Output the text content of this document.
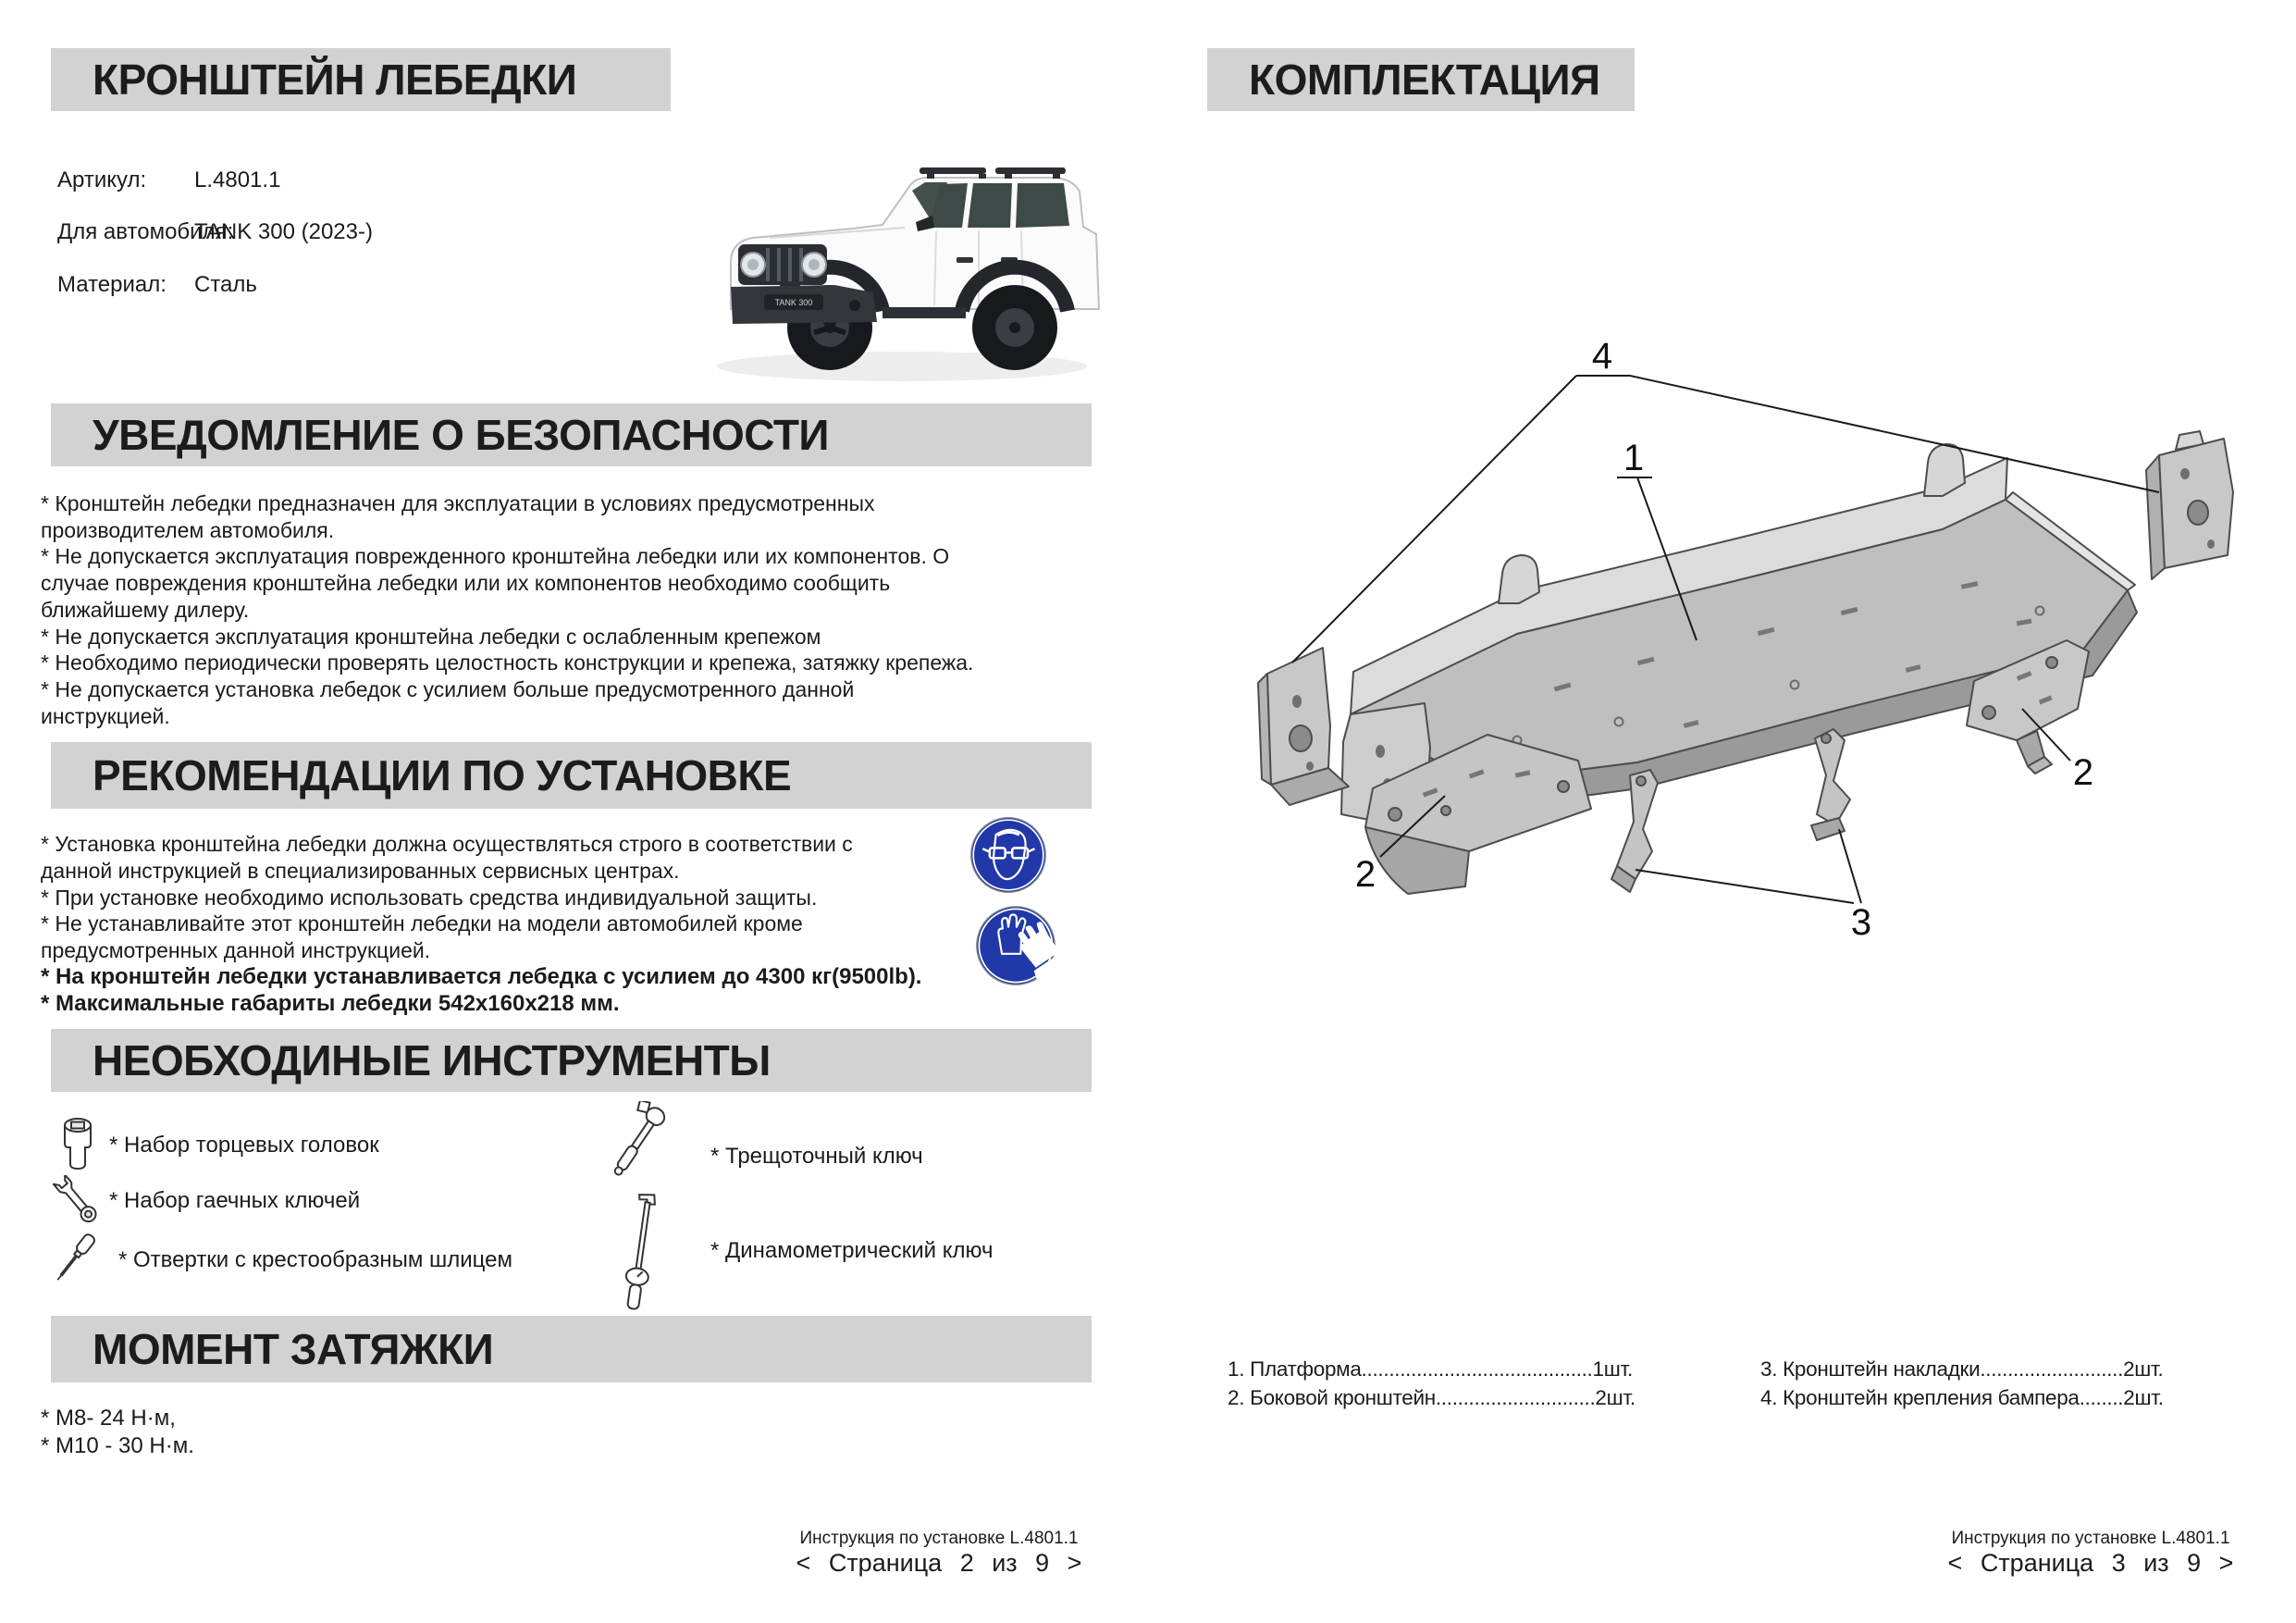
КРОНШТЕЙН ЛЕБЕДКИ
Артикул: L.4801.1
Для автомобиля:
TANK 300 (2023-)
Материал: Сталь
TANK 300
УВЕДОМЛЕНИЕ О БЕЗОПАСНОСТИ
* Кронштейн лебедки предназначен для эксплуатации в условиях предусмотренных
производителем автомобиля.
* Не допускается эксплуатация поврежденного кронштейна лебедки или их компонентов. О
случае повреждения кронштейна лебедки или их компонентов необходимо сообщить
ближайшему дилеру.
* Не допускается эксплуатация кронштейна лебедки с ослабленным крепежом
* Необходимо периодически проверять целостность конструкции и крепежа, затяжку крепежа.
* Не допускается установка лебедок с усилием больше предусмотренного данной
инструкцией.
РЕКОМЕНДАЦИИ ПО УСТАНОВКЕ
* Установка кронштейна лебедки должна осуществляться строго в соответствии с
данной инструкцией в специализированных сервисных центрах.
* При установке необходимо использовать средства индивидуальной защиты.
* Не устанавливайте этот кронштейн лебедки на модели автомобилей кроме
предусмотренных данной инструкцией.
* На кронштейн лебедки устанавливается лебедка с усилием до 4300 кг(9500lb).
* Максимальные габариты лебедки 542x160x218 мм.
НЕОБХОДИНЫЕ ИНСТРУМЕНТЫ
* Набор торцевых головок
* Набор гаечных ключей
* Отвертки с крестообразным шлицем
* Трещоточный ключ
* Динамометрический ключ
МОМЕНТ ЗАТЯЖКИ
* M8- 24 Н·м,
* M10 - 30 Н·м.
Инструкция по установке L.4801.1
< Страница 2 из 9 >
КОМПЛЕКТАЦИЯ
4
1
2
2
3
1. Платформа..........................................1шт.
2. Боковой кронштейн.............................2шт.
3. Кронштейн накладки..........................2шт.
4. Кронштейн крепления бампера........2шт.
Инструкция по установке L.4801.1
< Страница 3 из 9 >
